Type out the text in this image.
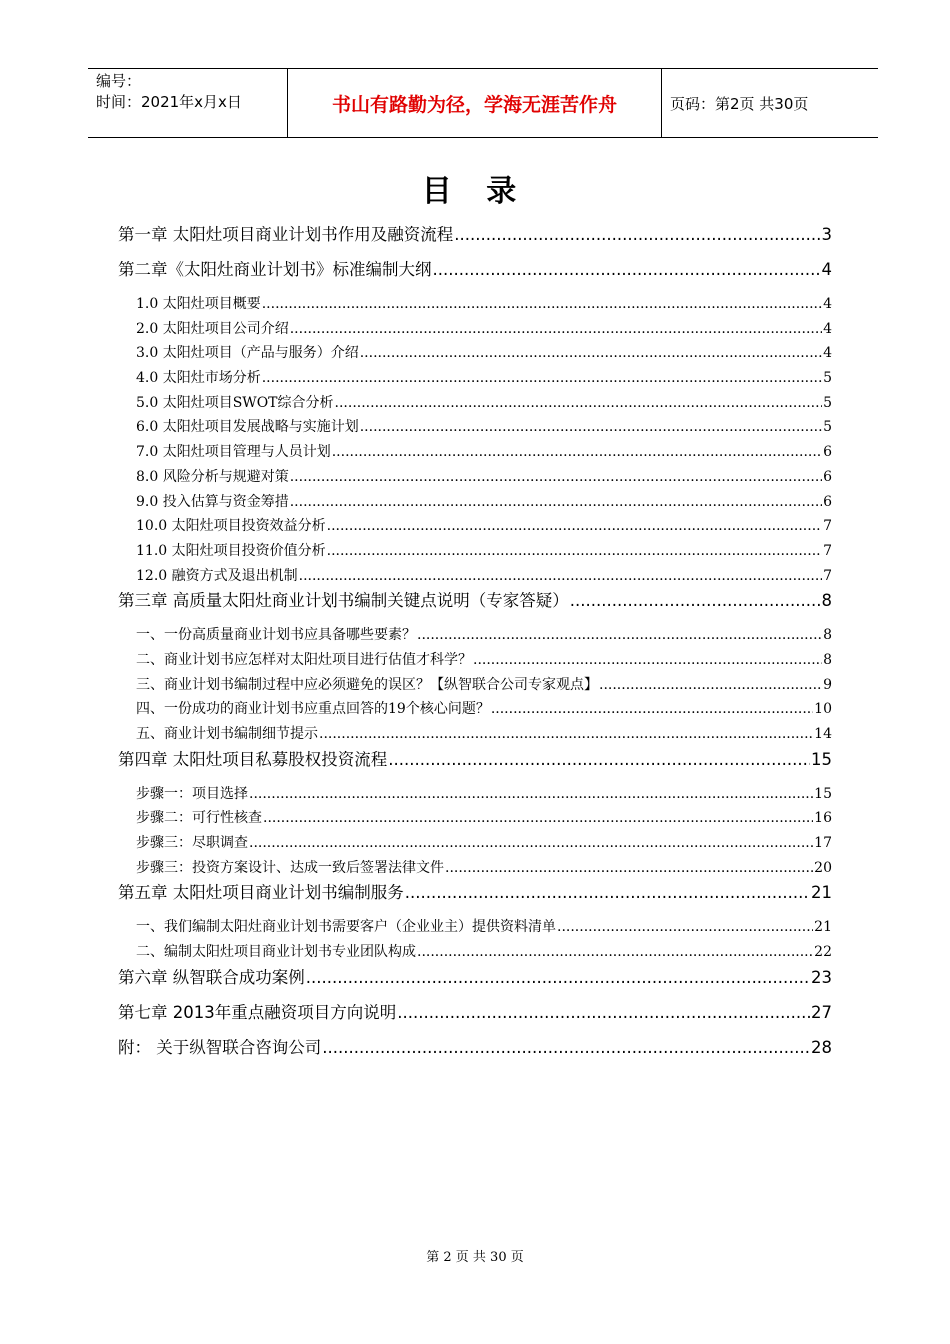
编号：
时间：2021年x月x日	书山有路勤为径，学海无涯苦作舟	页码：第2页 共30页
目 录
第一章 太阳灶项目商业计划书作用及融资流程 .....	3
第二章《太阳灶商业计划书》标准编制大纲 .....	4
1.0 太阳灶项目概要 .....	4
2.0 太阳灶项目公司介绍 .....	4
3.0 太阳灶项目（产品与服务）介绍 .....	4
4.0 太阳灶市场分析 .....	5
5.0 太阳灶项目SWOT综合分析 .....	5
6.0 太阳灶项目发展战略与实施计划 .....	5
7.0 太阳灶项目管理与人员计划 .....	6
8.0 风险分析与规避对策 .....	6
9.0 投入估算与资金筹措 .....	6
10.0 太阳灶项目投资效益分析 .....	7
11.0 太阳灶项目投资价值分析 .....	7
12.0 融资方式及退出机制 .....	7
第三章 高质量太阳灶商业计划书编制关键点说明（专家答疑） .....	8
一、一份高质量商业计划书应具备哪些要素？ .....	8
二、商业计划书应怎样对太阳灶项目进行估值才科学？ .....	8
三、商业计划书编制过程中应必须避免的误区？【纵智联合公司专家观点】 .....	9
四、一份成功的商业计划书应重点回答的19个核心问题？ .....	10
五、商业计划书编制细节提示 .....	14
第四章 太阳灶项目私募股权投资流程 .....	15
步骤一：项目选择 .....	15
步骤二：可行性核查 .....	16
步骤三：尽职调查 .....	17
步骤三：投资方案设计、达成一致后签署法律文件 .....	20
第五章 太阳灶项目商业计划书编制服务 .....	21
一、我们编制太阳灶商业计划书需要客户（企业业主）提供资料清单 .....	21
二、编制太阳灶项目商业计划书专业团队构成 .....	22
第六章 纵智联合成功案例 .....	23
第七章 2013年重点融资项目方向说明 .....	27
附： 关于纵智联合咨询公司 .....	28
第 2 页 共 30 页
